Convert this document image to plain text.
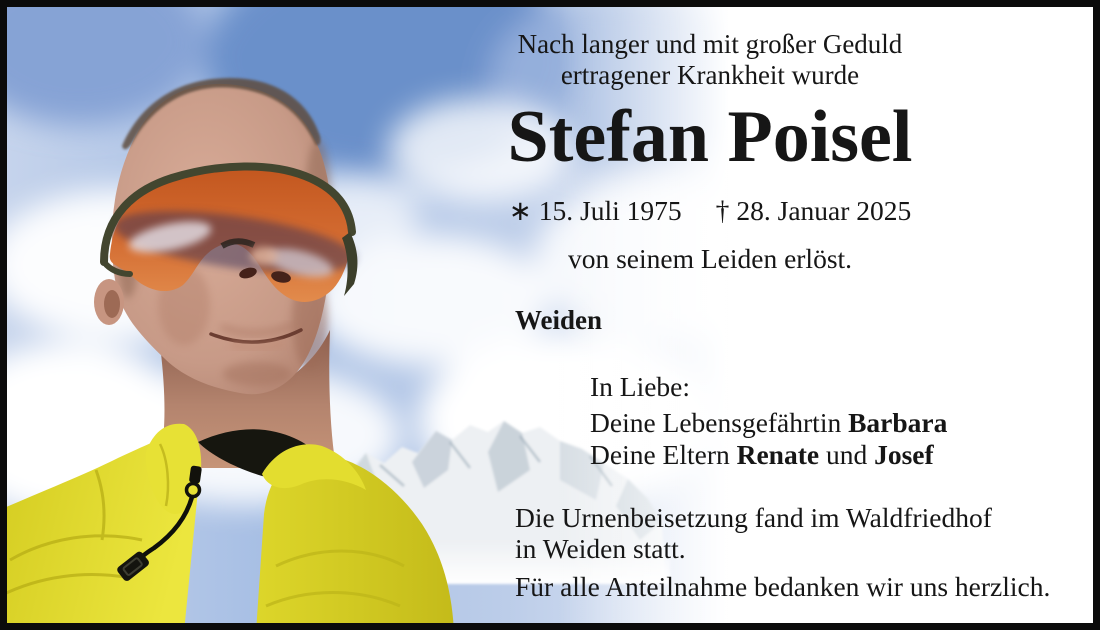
Nach langer und mit großer Geduld
ertragener Krankheit wurde
Stefan Poisel
∗ 15. Juli 1975 † 28. Januar 2025
von seinem Leiden erlöst.
Weiden
In Liebe:
Deine Lebensgefährtin Barbara
Deine Eltern Renate und Josef
Die Urnenbeisetzung fand im Waldfriedhof
in Weiden statt.
Für alle Anteilnahme bedanken wir uns herzlich.
